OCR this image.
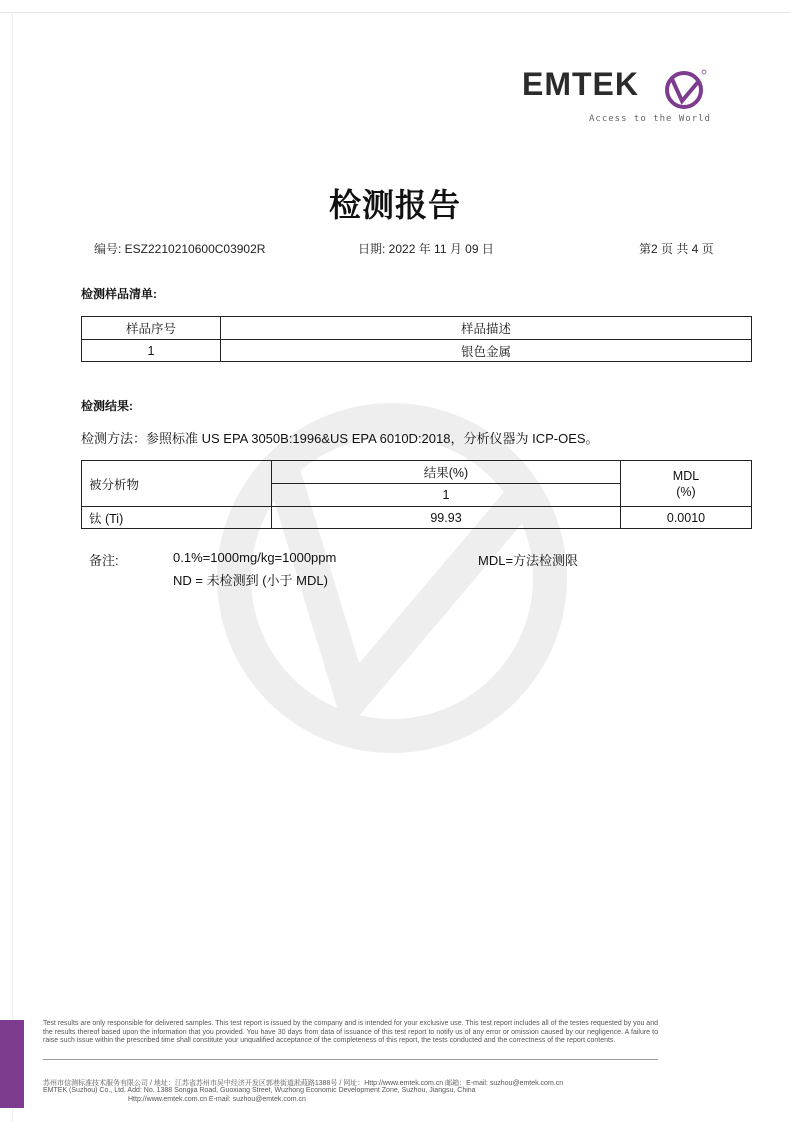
EMTEK
Access to the World
检测报告
编号: ESZ2210210600C03902R	日期: 2022 年 11 月 09 日	第2 页 共 4 页
检测样品清单:
样品序号	样品描述
1	银色金属
检测结果:
检测方法：参照标准 US EPA 3050B:1996&US EPA 6010D:2018，分析仪器为 ICP-OES。
被分析物	结果(%)	MDL
(%)
	1	
钛 (Ti)	99.93	0.0010
备注:	0.1%=1000mg/kg=1000ppm
ND = 未检测到 (小于 MDL)
MDL=方法检测限
Test results are only responsible for delivered samples. This test report is issued by the company and is intended for your exclusive use. This test report includes all of the testes requested by you and the results thereof based upon the information that you provided. You have 30 days from data of issuance of this test report to notify us of any error or omission caused by our negligence. A failure to raise such issue within the prescribed time shall constitute your unqualified acceptance of the completeness of this report, the tests conducted and the correctness of the report contents.
苏州市信测标准技术服务有限公司 / 地址：江苏省苏州市吴中经济开发区郭巷街道淞葭路1388号 / 网址：Http://www.emtek.com.cn 邮箱：E-mail: suzhou@emtek.com.cn
EMTEK (Suzhou) Co., Ltd. Add: No. 1388 Songjia Road, Guoxiang Street, Wuzhong Economic Development Zone, Suzhou, Jiangsu, China
Http://www.emtek.com.cn E-mail: suzhou@emtek.com.cn
